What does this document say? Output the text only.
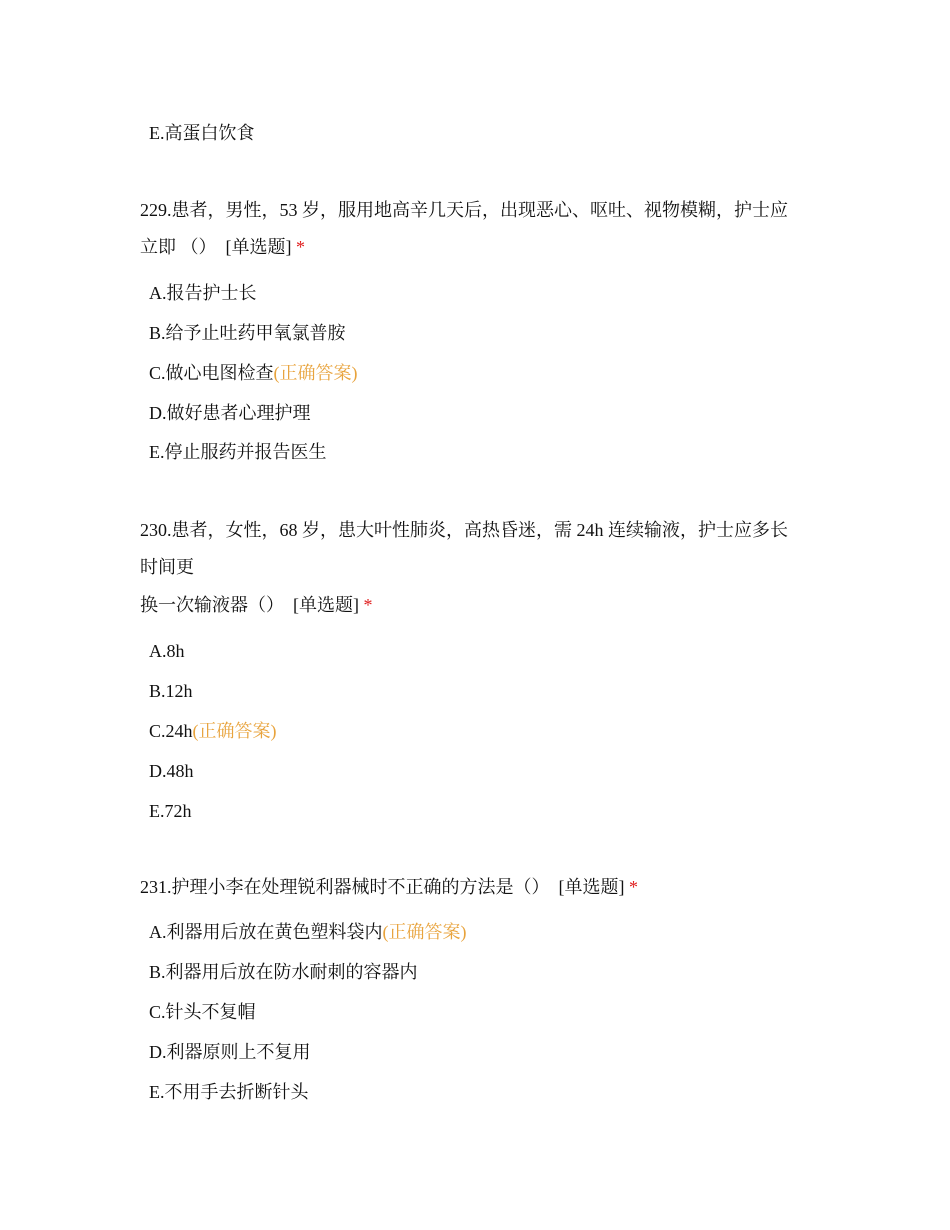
E.高蛋白饮食
229.患者，男性，53 岁，服用地高辛几天后，出现恶心、呕吐、视物模糊，护士应
立即 （） [单选题] *
A.报告护士长
B.给予止吐药甲氧氯普胺
C.做心电图检查(正确答案)
D.做好患者心理护理
E.停止服药并报告医生
230.患者，女性，68 岁，患大叶性肺炎，高热昏迷，需 24h 连续输液，护士应多长
时间更
换一次输液器（） [单选题] *
A.8h
B.12h
C.24h(正确答案)
D.48h
E.72h
231.护理小李在处理锐利器械时不正确的方法是（） [单选题] *
A.利器用后放在黄色塑料袋内(正确答案)
B.利器用后放在防水耐刺的容器内
C.针头不复帽
D.利器原则上不复用
E.不用手去折断针头
